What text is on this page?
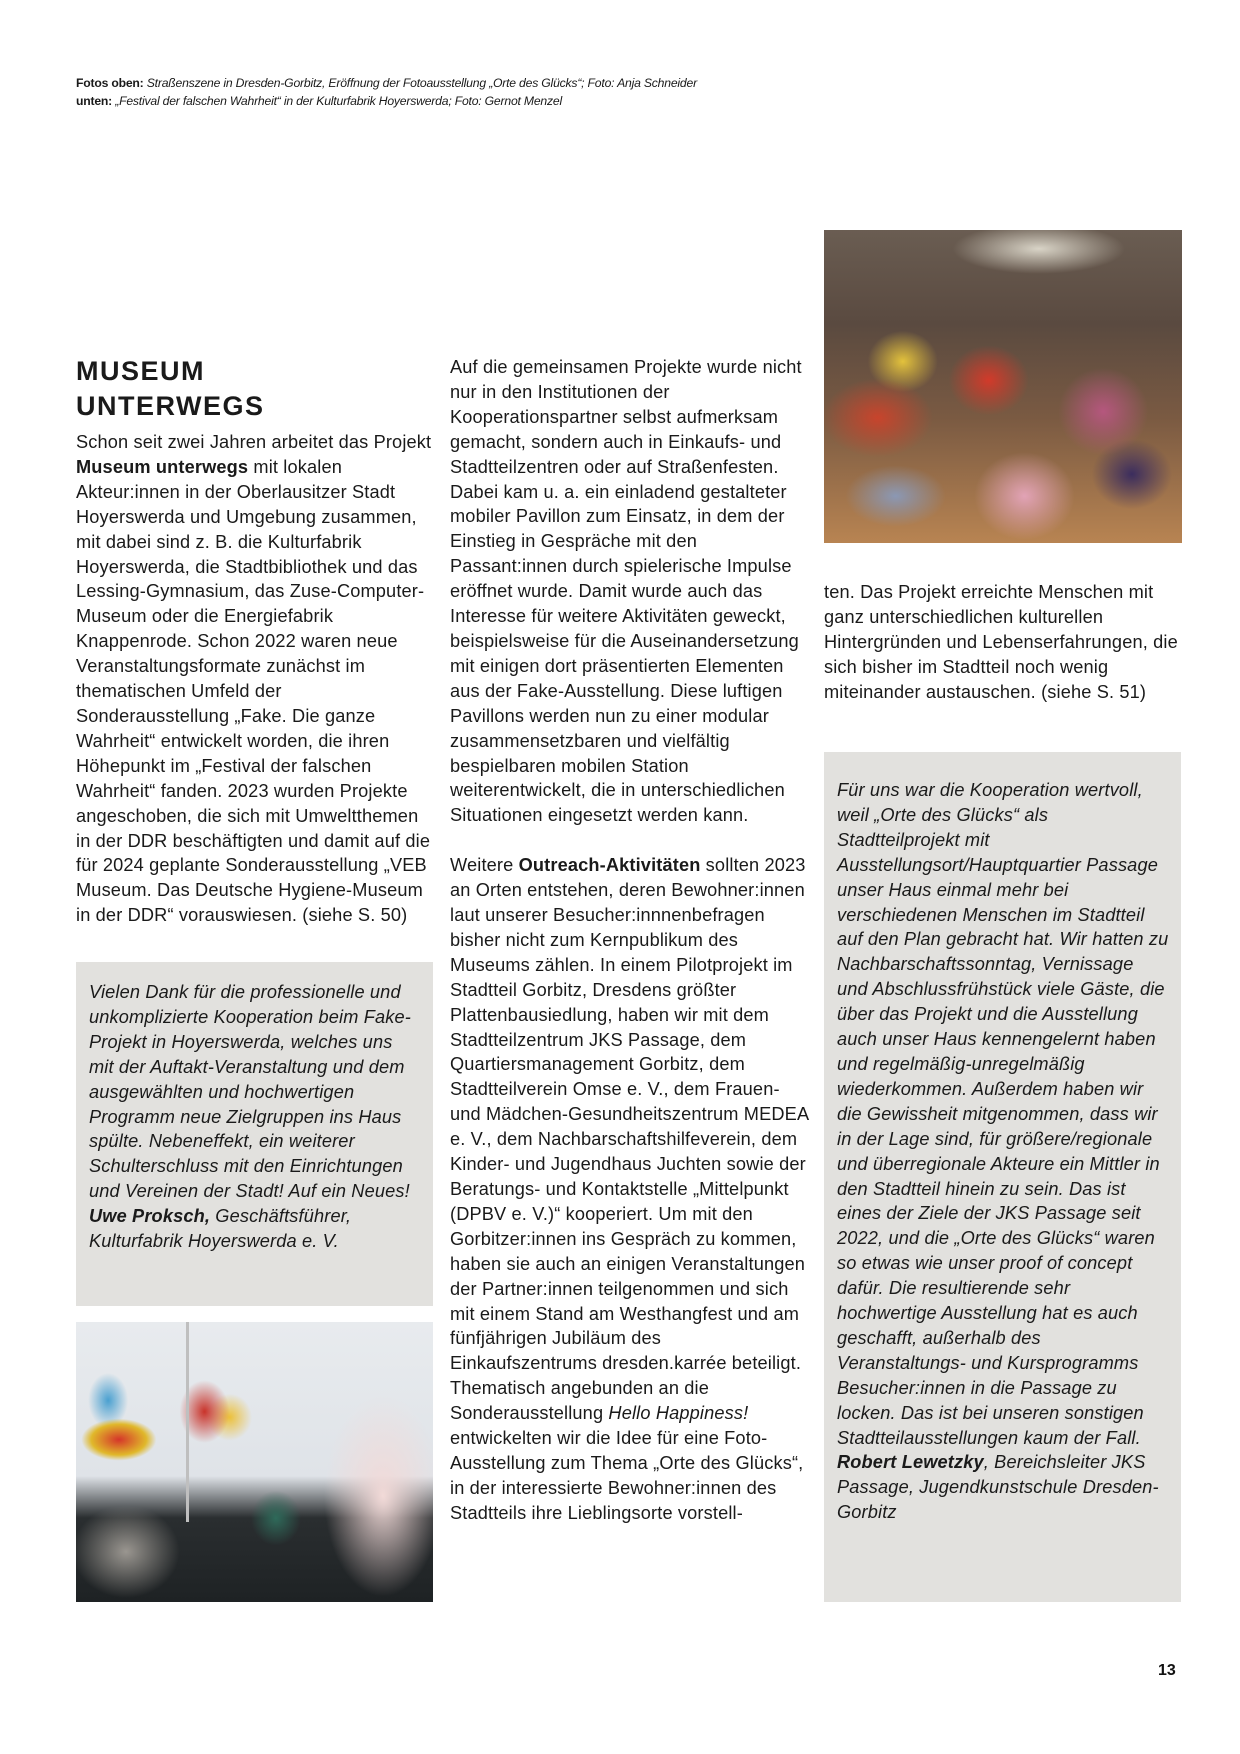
Fotos oben: Straßenszene in Dresden-Gorbitz, Eröffnung der Fotoausstellung „Orte des Glücks“; Foto: Anja Schneider
unten: „Festival der falschen Wahrheit“ in der Kulturfabrik Hoyerswerda; Foto: Gernot Menzel
MUSEUM
UNTERWEGS

Schon seit zwei Jahren arbeitet das Projekt Museum unterwegs mit lokalen Akteur:innen in der Oberlausitzer Stadt Hoyerswerda und Umgebung zusammen, mit dabei sind z. B. die Kulturfabrik Hoyerswerda, die Stadtbibliothek und das Lessing-Gymnasium, das Zuse-Computer-Museum oder die Energiefabrik Knappenrode. Schon 2022 waren neue Veranstaltungsformate zunächst im thematischen Umfeld der Sonderausstellung „Fake. Die ganze Wahrheit“ entwickelt worden, die ihren Höhepunkt im „Festival der falschen Wahrheit“ fanden. 2023 wurden Projekte angeschoben, die sich mit Umweltthemen in der DDR beschäftigten und damit auf die für 2024 geplante Sonderausstellung „VEB Museum. Das Deutsche Hygiene-Museum in der DDR“ vorauswiesen. (siehe S. 50)

Vielen Dank für die professionelle und unkomplizierte Kooperation beim Fake-Projekt in Hoyerswerda, welches uns mit der Auftakt-Veranstaltung und dem ausgewählten und hochwertigen Programm neue Zielgruppen ins Haus spülte. Nebeneffekt, ein weiterer Schulterschluss mit den Einrichtungen und Vereinen der Stadt! Auf ein Neues!

Uwe Proksch, Geschäftsführer, Kulturfabrik Hoyerswerda e. V.

Auf die gemeinsamen Projekte wurde nicht nur in den Institutionen der Kooperationspartner selbst aufmerksam gemacht, sondern auch in Einkaufs- und Stadtteilzentren oder auf Straßenfesten. Dabei kam u. a. ein einladend gestalteter mobiler Pavillon zum Einsatz, in dem der Einstieg in Gespräche mit den Passant:innen durch spielerische Impulse eröffnet wurde. Damit wurde auch das Interesse für weitere Aktivitäten geweckt, beispielsweise für die Auseinandersetzung mit einigen dort präsentierten Elementen aus der Fake-Ausstellung. Diese luftigen Pavillons werden nun zu einer modular zusammensetzbaren und vielfältig bespielbaren mobilen Station weiterentwickelt, die in unterschiedlichen Situationen eingesetzt werden kann.

Weitere Outreach-Aktivitäten sollten 2023 an Orten entstehen, deren Bewohner:innen laut unserer Besucher:innnenbefragen bisher nicht zum Kernpublikum des Museums zählen. In einem Pilotprojekt im Stadtteil Gorbitz, Dresdens größter Plattenbausiedlung, haben wir mit dem Stadtteilzentrum JKS Passage, dem Quartiersmanagement Gorbitz, dem Stadtteilverein Omse e. V., dem Frauen- und Mädchen-Gesundheitszentrum MEDEA e. V., dem Nachbarschaftshilfeverein, dem Kinder- und Jugendhaus Juchten sowie der Beratungs- und Kontaktstelle „Mittelpunkt (DPBV e. V.)“ kooperiert. Um mit den Gorbitzer:innen ins Gespräch zu kommen, haben sie auch an einigen Veranstaltungen der Partner:innen teilgenommen und sich mit einem Stand am Westhangfest und am fünfjährigen Jubiläum des Einkaufszentrums dresden.karrée beteiligt.

Thematisch angebunden an die Sonderausstellung Hello Happiness! entwickelten wir die Idee für eine Foto-Ausstellung zum Thema „Orte des Glücks“, in der interessierte Bewohner:innen des Stadtteils ihre Lieblingsorte vorstell-

ten. Das Projekt erreichte Menschen mit ganz unterschiedlichen kulturellen Hintergründen und Lebenserfahrungen, die sich bisher im Stadtteil noch wenig miteinander austauschen. (siehe S. 51)

Für uns war die Kooperation wertvoll, weil „Orte des Glücks“ als Stadtteilprojekt mit Ausstellungsort/Hauptquartier Passage unser Haus einmal mehr bei verschiedenen Menschen im Stadtteil auf den Plan gebracht hat. Wir hatten zu Nachbarschaftssonntag, Vernissage und Abschlussfrühstück viele Gäste, die über das Projekt und die Ausstellung auch unser Haus kennengelernt haben und regelmäßig-unregelmäßig wiederkommen. Außerdem haben wir die Gewissheit mitgenommen, dass wir in der Lage sind, für größere/regionale und überregionale Akteure ein Mittler in den Stadtteil hinein zu sein. Das ist eines der Ziele der JKS Passage seit 2022, und die „Orte des Glücks“ waren so etwas wie unser proof of concept dafür. Die resultierende sehr hochwertige Ausstellung hat es auch geschafft, außerhalb des Veranstaltungs- und Kursprogramms Besucher:innen in die Passage zu locken. Das ist bei unseren sonstigen Stadtteilausstellungen kaum der Fall.

Robert Lewetzky, Bereichsleiter JKS Passage, Jugendkunstschule Dresden-Gorbitz

13
